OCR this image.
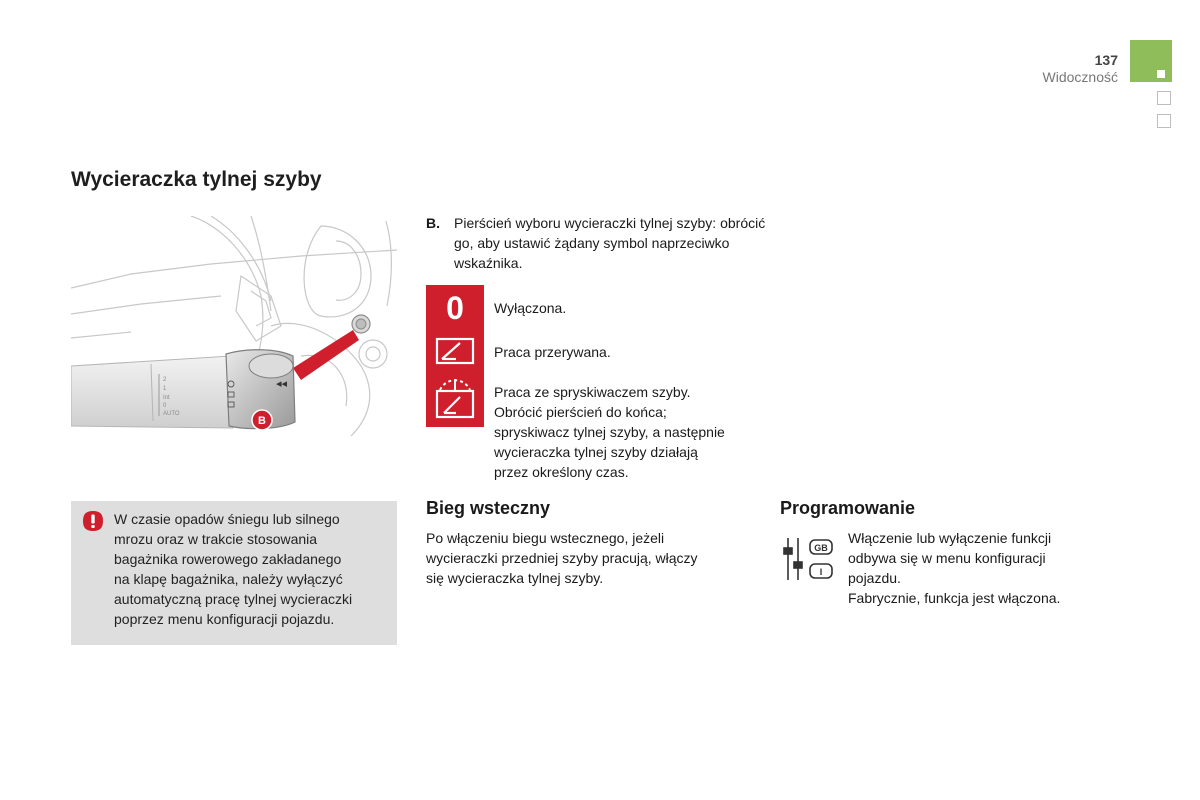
137
Widoczność
Wycieraczka tylnej szyby
2
1
Int
0
AUTO
◂◂
B
B. Pierścień wyboru wycieraczki tylnej szyby: obrócić go, aby ustawić żądany symbol naprzeciwko wskaźnika.
0	Wyłączona.
Praca przerywana.
Praca ze spryskiwaczem szyby.
Obrócić pierścień do końca;
spryskiwacz tylnej szyby, a następnie
wycieraczka tylnej szyby działają
przez określony czas.
W czasie opadów śniegu lub silnego
mrozu oraz w trakcie stosowania
bagażnika rowerowego zakładanego
na klapę bagażnika, należy wyłączyć
automatyczną pracę tylnej wycieraczki
poprzez menu konfiguracji pojazdu.
Bieg wsteczny
Po włączeniu biegu wstecznego, jeżeli
wycieraczki przedniej szyby pracują, włączy
się wycieraczka tylnej szyby.
Programowanie
GB
I
Włączenie lub wyłączenie funkcji
odbywa się w menu konfiguracji
pojazdu.
Fabrycznie, funkcja jest włączona.
